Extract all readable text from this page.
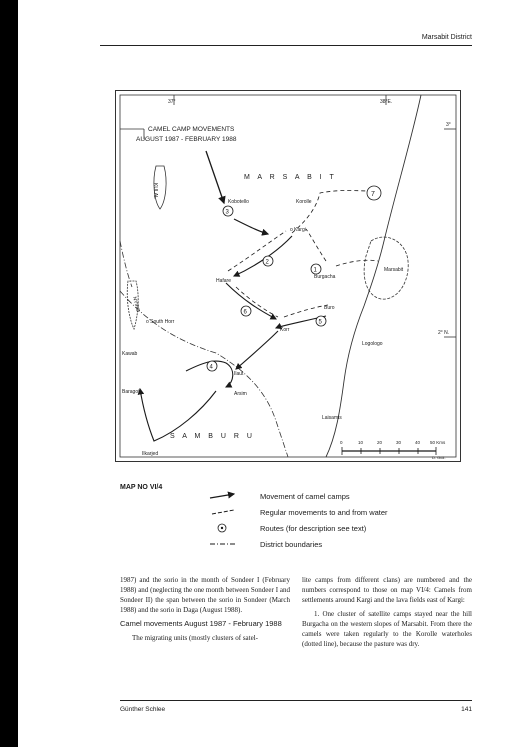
Marsabit District
37°	38°E.
3°
2° N.
CAMEL CAMP MOVEMENTS
AUGUST 1987 - FEBRUARY 1988
KULAL
NYIRO
M A R S A B I T
S A M B U R U
3
2
1
6
5
4
7
Kobotello	Korolle
o Kargi
Burgacha
Marsabit
Hafare
Buro
Korr
Logologo
o South Horr
Kawab
Baragoi
Ilaut
Arsim
Laisamis
Ilkarjed
0	10	20	30	40 50 Kms
D. Gdž.
MAP NO VI/4
Movement of camel camps
Regular movements to and from water
Routes (for description see text)
District boundaries

1987) and the sorio in the month of Sondeer I (February 1988) and (neglecting the one month between Sondeer I and Sondeer II) the span between the sorio in Sondeer (March 1988) and the sorio in Daga (August 1988).

Camel movements August 1987 - February 1988

The migrating units (mostly clusters of satel-

lite camps from different clans) are numbered and the numbers correspond to those on map VI/4: Camels from settlements around Kargi and the lava fields east of Kargi:

1. One cluster of satellite camps stayed near the hill Burgacha on the western slopes of Marsabit. From there the camels were taken regularly to the Korolle waterholes (dotted line), because the pasture was dry.

Günther Schlee	141
